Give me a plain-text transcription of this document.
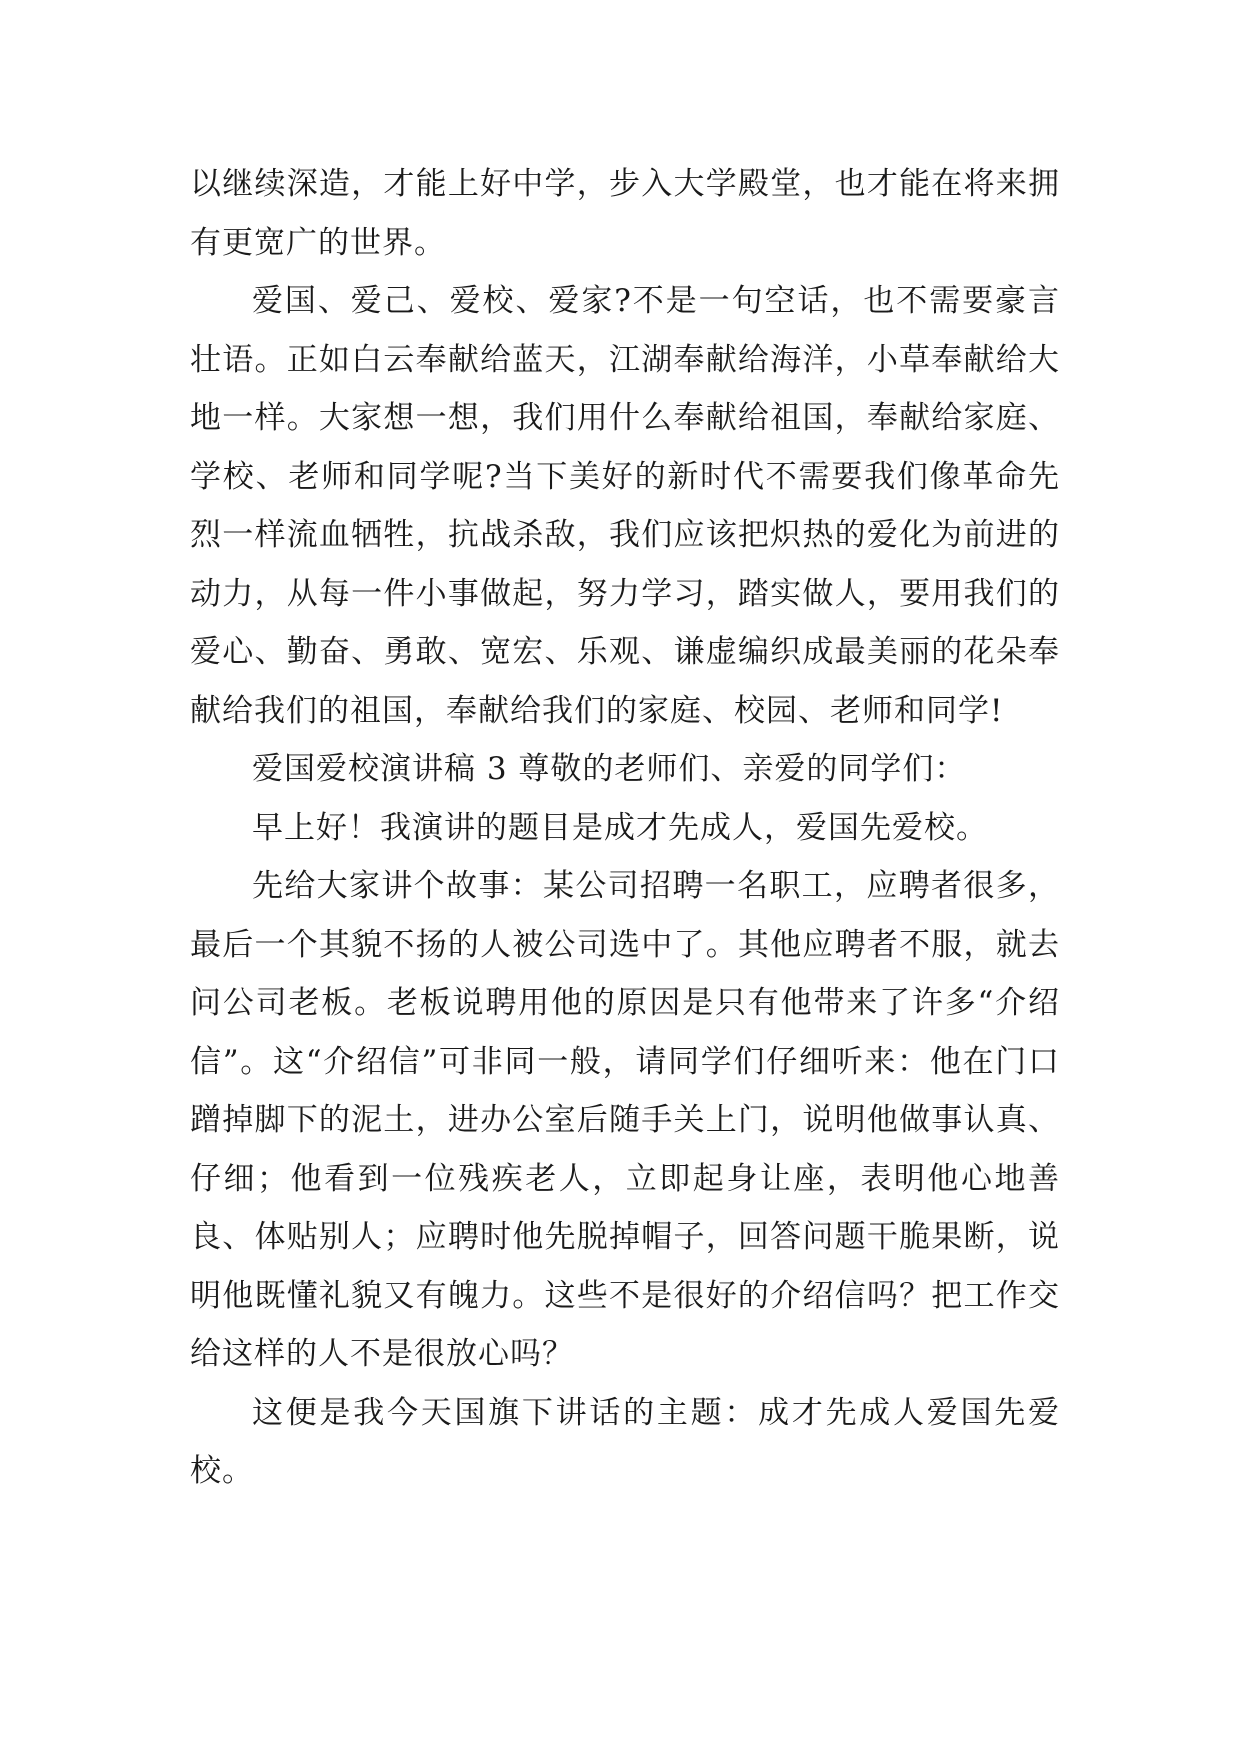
以继续深造，才能上好中学，步入大学殿堂，也才能在将来拥有更宽广的世界。

爱国、爱己、爱校、爱家?不是一句空话，也不需要豪言壮语。正如白云奉献给蓝天，江湖奉献给海洋，小草奉献给大地一样。大家想一想，我们用什么奉献给祖国，奉献给家庭、学校、老师和同学呢?当下美好的新时代不需要我们像革命先烈一样流血牺牲，抗战杀敌，我们应该把炽热的爱化为前进的动力，从每一件小事做起，努力学习，踏实做人，要用我们的爱心、勤奋、勇敢、宽宏、乐观、谦虚编织成最美丽的花朵奉献给我们的祖国，奉献给我们的家庭、校园、老师和同学!

爱国爱校演讲稿 3 尊敬的老师们、亲爱的同学们：

早上好！我演讲的题目是成才先成人，爱国先爱校。

先给大家讲个故事：某公司招聘一名职工，应聘者很多，最后一个其貌不扬的人被公司选中了。其他应聘者不服，就去问公司老板。老板说聘用他的原因是只有他带来了许多“介绍信”。这“介绍信”可非同一般，请同学们仔细听来：他在门口蹭掉脚下的泥土，进办公室后随手关上门，说明他做事认真、仔细；他看到一位残疾老人，立即起身让座，表明他心地善良、体贴别人；应聘时他先脱掉帽子，回答问题干脆果断，说明他既懂礼貌又有魄力。这些不是很好的介绍信吗？把工作交给这样的人不是很放心吗？

这便是我今天国旗下讲话的主题：成才先成人爱国先爱校。
